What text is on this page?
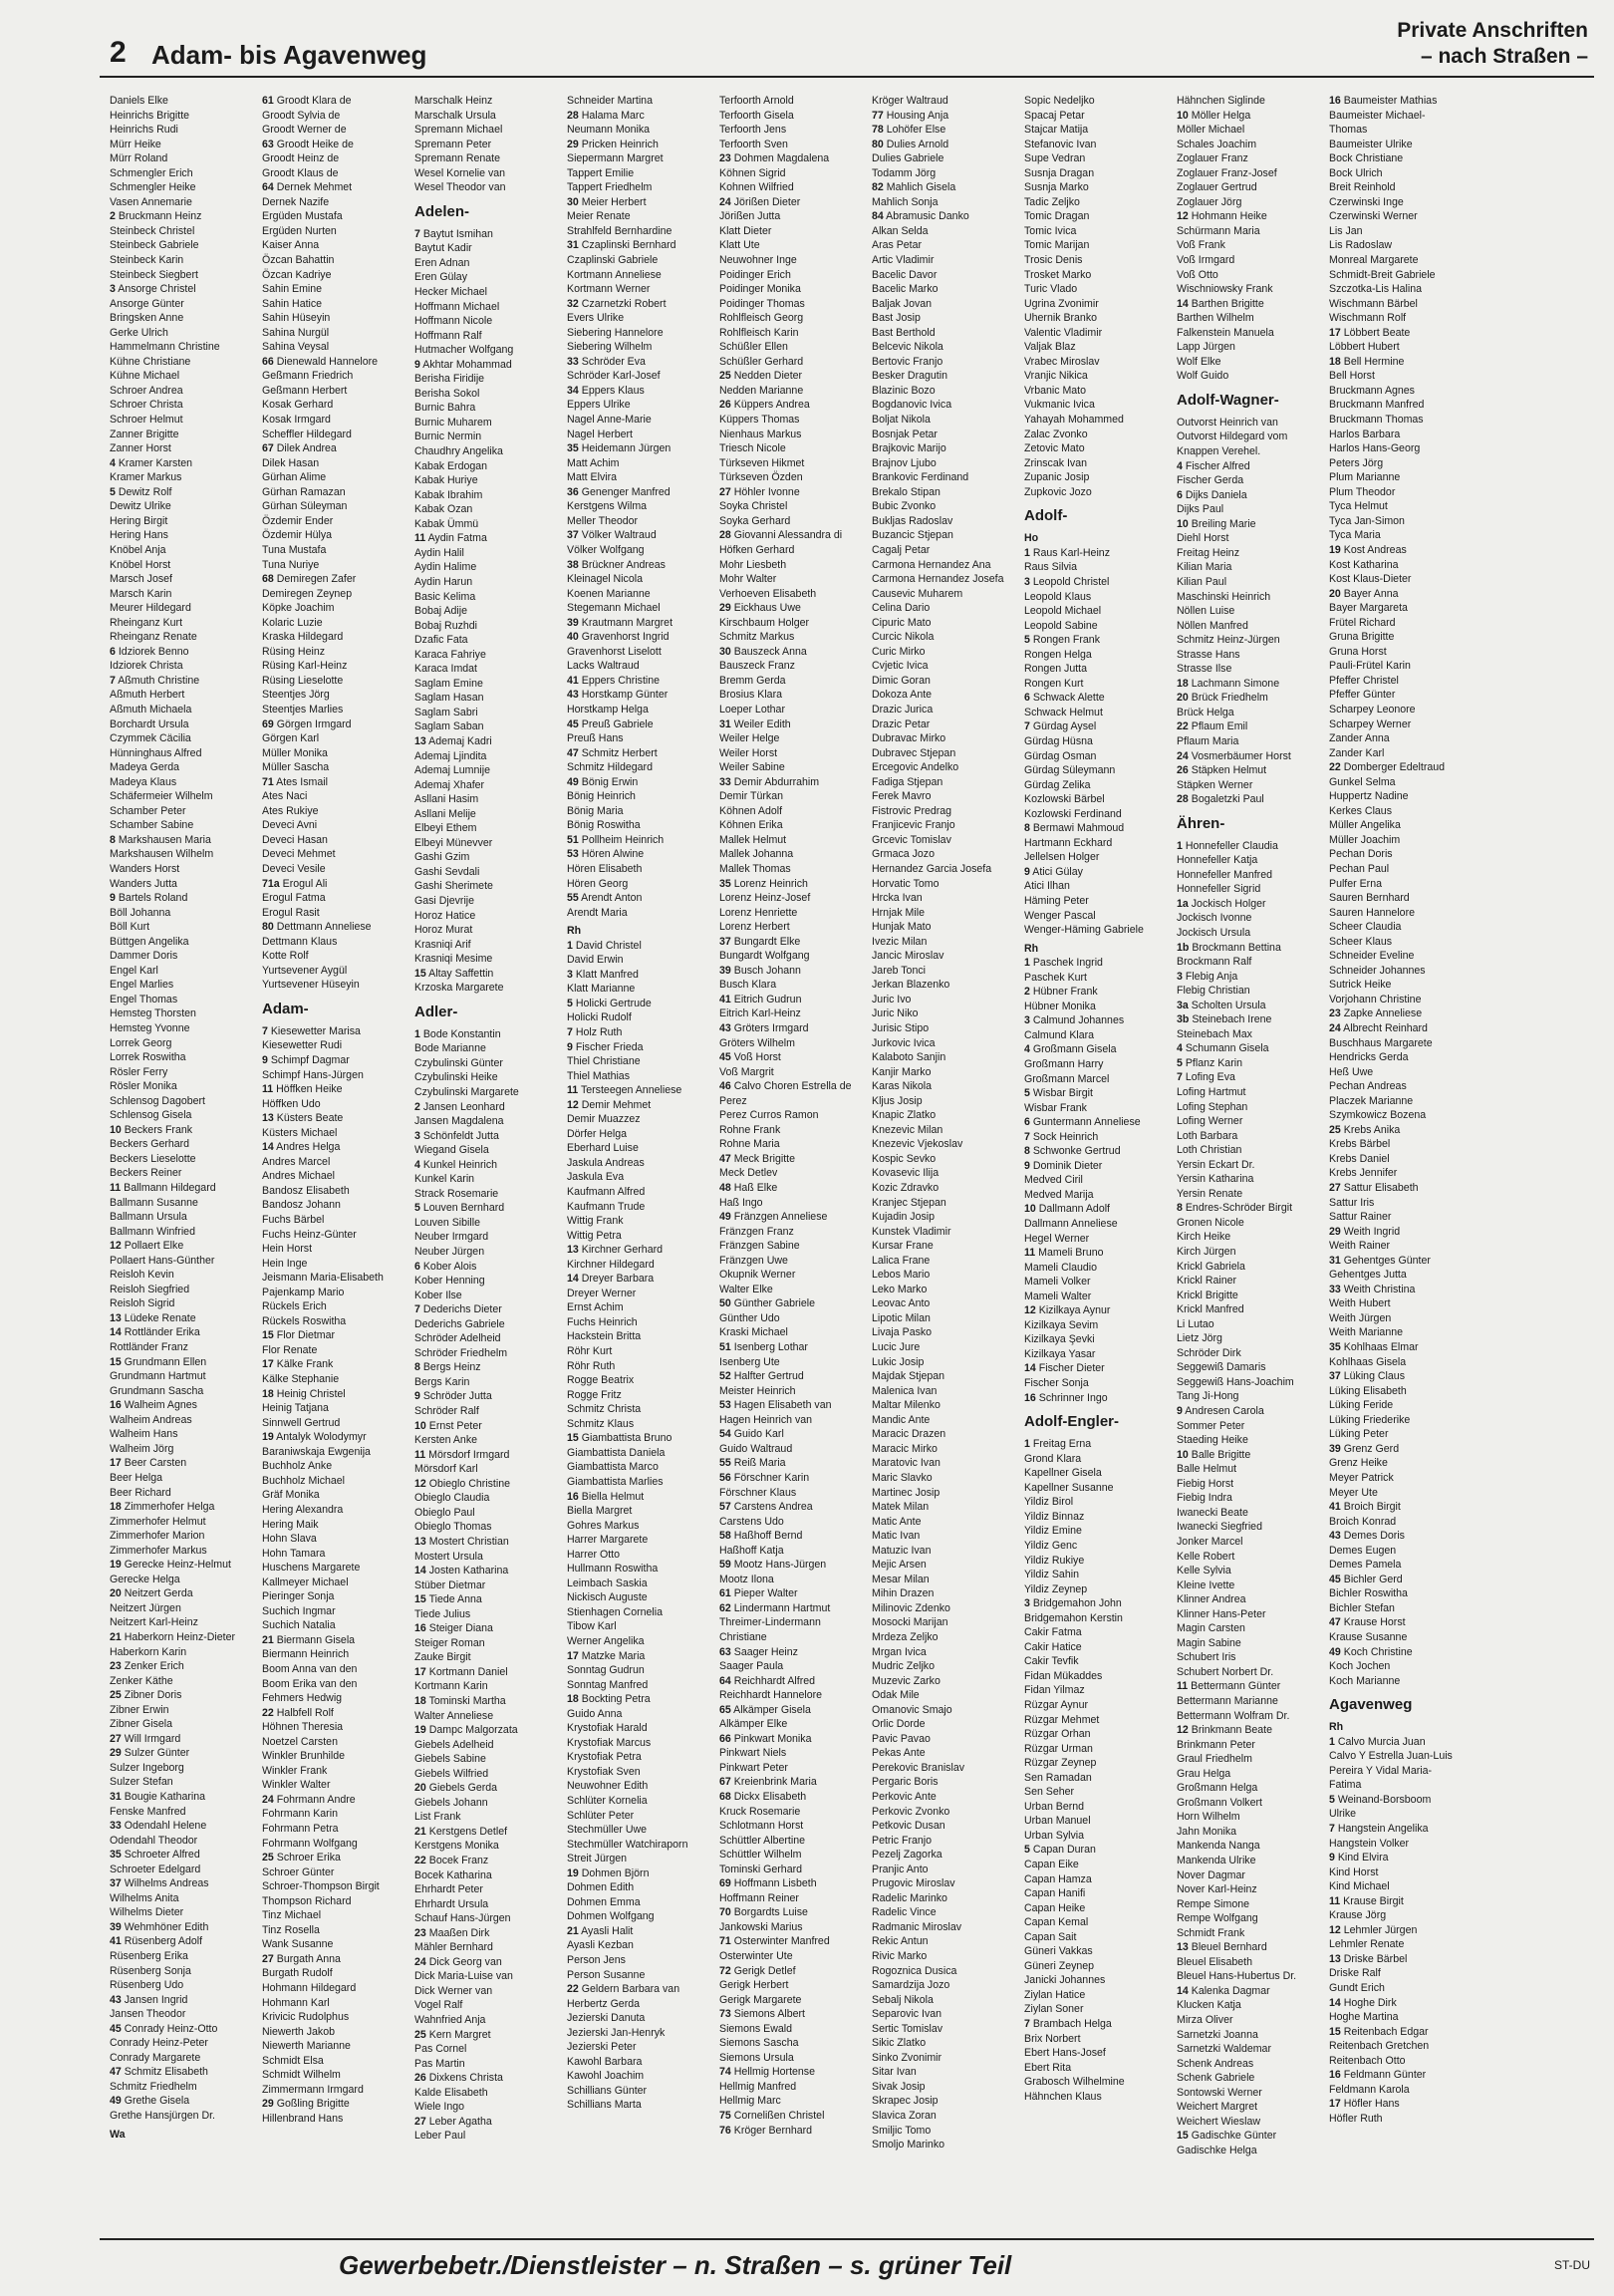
2 Adam- bis Agavenweg
Private Anschriften
– nach Straßen –
Daniels Elke
Heinrichs Brigitte
Heinrichs Rudi
Mürr Heike
Mürr Roland
Schmengler Erich
Schmengler Heike
Vasen Annemarie
2 Bruckmann Heinz
Steinbeck Christel
Steinbeck Gabriele
Steinbeck Karin
Steinbeck Siegbert
3 Ansorge Christel
Ansorge Günter
Bringsken Anne
Gerke Ulrich
Hammelmann Christine
Kühne Christiane
Kühne Michael
Schroer Andrea
Schroer Christa
Schroer Helmut
Zanner Brigitte
Zanner Horst
4 Kramer Karsten
Kramer Markus
5 Dewitz Rolf
Dewitz Ulrike
Hering Birgit
Hering Hans
Knöbel Anja
Knöbel Horst
Marsch Josef
Marsch Karin
Meurer Hildegard
Rheinganz Kurt
Rheinganz Renate
6 Idziorek Benno
Idziorek Christa
7 Aßmuth Christine
Aßmuth Herbert
Aßmuth Michaela
Borchardt Ursula
Czymmek Cäcilia
Hünninghaus Alfred
Madeya Gerda
Madeya Klaus
Schäfermeier Wilhelm
Schamber Peter
Schamber Sabine
8 Markshausen Maria
Markshausen Wilhelm
Wanders Horst
Wanders Jutta
9 Bartels Roland
Böll Johanna
Böll Kurt
Büttgen Angelika
Dammer Doris
Engel Karl
Engel Marlies
Engel Thomas
Hemsteg Thorsten
Hemsteg Yvonne
Lorrek Georg
Lorrek Roswitha
Rösler Ferry
Rösler Monika
Schlensog Dagobert
Schlensog Gisela
10 Beckers Frank
Beckers Gerhard
Beckers Lieselotte
Beckers Reiner
11 Ballmann Hildegard
Ballmann Susanne
Ballmann Ursula
Ballmann Winfried
12 Pollaert Elke
Pollaert Hans-Günther
Reisloh Kevin
Reisloh Siegfried
Reisloh Sigrid
13 Lüdeke Renate
14 Rottländer Erika
Rottländer Franz
15 Grundmann Ellen
Grundmann Hartmut
Grundmann Sascha
16 Walheim Agnes
Walheim Andreas
Walheim Hans
Walheim Jörg
17 Beer Carsten
Beer Helga
Beer Richard
18 Zimmerhofer Helga
Zimmerhofer Helmut
Zimmerhofer Marion
Zimmerhofer Markus
19 Gerecke Heinz-Helmut
Gerecke Helga
20 Neitzert Gerda
Neitzert Jürgen
Neitzert Karl-Heinz
21 Haberkorn Heinz-Dieter
Haberkorn Karin
23 Zenker Erich
Zenker Käthe
25 Zibner Doris
Zibner Erwin
Zibner Gisela
27 Will Irmgard
29 Sulzer Günter
Sulzer Ingeborg
Sulzer Stefan
31 Bougie Katharina
Fenske Manfred
33 Odendahl Helene
Odendahl Theodor
35 Schroeter Alfred
Schroeter Edelgard
37 Wilhelms Andreas
Wilhelms Anita
Wilhelms Dieter
39 Wehmhöner Edith
41 Rüsenberg Adolf
Rüsenberg Erika
Rüsenberg Sonja
Rüsenberg Udo
43 Jansen Ingrid
Jansen Theodor
45 Conrady Heinz-Otto
Conrady Heinz-Peter
Conrady Margarete
47 Schmitz Elisabeth
Schmitz Friedhelm
49 Grethe Gisela
Grethe Hansjürgen Dr.
Wa
61 Groodt Klara de
Groodt Sylvia de
Groodt Werner de
63 Groodt Heike de
Groodt Heinz de
Groodt Klaus de
64 Dernek Mehmet
Dernek Nazife
Ergüden Mustafa
Ergüden Nurten
Kaiser Anna
Özcan Bahattin
Özcan Kadriye
Sahin Emine
Sahin Hatice
Sahin Hüseyin
Sahina Nurgül
Sahina Veysal
66 Dienewald Hannelore
Geßmann Friedrich
Geßmann Herbert
Kosak Gerhard
Kosak Irmgard
Scheffler Hildegard
67 Dilek Andrea
Dilek Hasan
Gürhan Alime
Gürhan Ramazan
Gürhan Süleyman
Özdemir Ender
Özdemir Hülya
Tuna Mustafa
Tuna Nuriye
68 Demiregen Zafer
Demiregen Zeynep
Köpke Joachim
Kolaric Luzie
Kraska Hildegard
Rüsing Heinz
Rüsing Karl-Heinz
Rüsing Lieselotte
Steentjes Jörg
Steentjes Marlies
69 Görgen Irmgard
Görgen Karl
Müller Monika
Müller Sascha
71 Ates Ismail
Ates Naci
Ates Rukiye
Deveci Avni
Deveci Hasan
Deveci Mehmet
Deveci Vesile
71a Erogul Ali
Erogul Fatma
Erogul Rasit
80 Dettmann Anneliese
Dettmann Klaus
Kotte Rolf
Yurtsevener Aygül
Yurtsevener Hüseyin
Adam-
7 Kiesewetter Marisa
Kiesewetter Rudi
9 Schimpf Dagmar
Schimpf Hans-Jürgen
11 Höffken Heike
Höffken Udo
13 Küsters Beate
Küsters Michael
14 Andres Helga
Andres Marcel
Andres Michael
Bandosz Elisabeth
Bandosz Johann
Fuchs Bärbel
Fuchs Heinz-Günter
Hein Horst
Hein Inge
Jeismann Maria-Elisabeth
Pajenkamp Mario
Rückels Erich
Rückels Roswitha
15 Flor Dietmar
Flor Renate
17 Kälke Frank
Kälke Stephanie
18 Heinig Christel
Heinig Tatjana
Sinnwell Gertrud
19 Antalyk Wolodymyr
Baraniwskaja Ewgenija
Buchholz Anke
Buchholz Michael
Gräf Monika
Hering Alexandra
Hering Maik
Hohn Slava
Hohn Tamara
Huschens Margarete
Kallmeyer Michael
Pieringer Sonja
Suchich Ingmar
Suchich Natalia
21 Biermann Gisela
Biermann Heinrich
Boom Anna van den
Boom Erika van den
Fehmers Hedwig
22 Halbfell Rolf
Höhnen Theresia
Noetzel Carsten
Winkler Brunhilde
Winkler Frank
Winkler Walter
24 Fohrmann Andre
Fohrmann Karin
Fohrmann Petra
Fohrmann Wolfgang
25 Schroer Erika
Schroer Günter
Schroer-Thompson Birgit
Thompson Richard
Tinz Michael
Tinz Rosella
Wank Susanne
27 Burgath Anna
Burgath Rudolf
Hohmann Hildegard
Hohmann Karl
Krivicic Rudolphus
Niewerth Jakob
Niewerth Marianne
Schmidt Elsa
Schmidt Wilhelm
Zimmermann Irmgard
29 Goßling Brigitte
Hillenbrand Hans
Marschalk Heinz
Marschalk Ursula
Spremann Michael
Spremann Peter
Spremann Renate
Wesel Kornelie van
Wesel Theodor van
Adelen-
7 Baytut Ismihan
Baytut Kadir
Eren Adnan
Eren Gülay
Hecker Michael
Hoffmann Michael
Hoffmann Nicole
Hoffmann Ralf
Hutmacher Wolfgang
9 Akhtar Mohammad
Berisha Firidije
Berisha Sokol
Burnic Bahra
Burnic Muharem
Burnic Nermin
Chaudhry Angelika
Kabak Erdogan
Kabak Huriye
Kabak Ibrahim
Kabak Ozan
Kabak Ümmü
11 Aydin Fatma
Aydin Halil
Aydin Halime
Aydin Harun
Basic Kelima
Bobaj Adije
Bobaj Ruzhdi
Dzafic Fata
Karaca Fahriye
Karaca Imdat
Saglam Emine
Saglam Hasan
Saglam Sabri
Saglam Saban
13 Ademaj Kadri
Ademaj Ljindita
Ademaj Lumnije
Ademaj Xhafer
Asllani Hasim
Asllani Melije
Elbeyi Ethem
Elbeyi Münevver
Gashi Gzim
Gashi Sevdali
Gashi Sherimete
Gasi Djevrije
Horoz Hatice
Horoz Murat
Krasniqi Arif
Krasniqi Mesime
15 Altay Saffettin
Krzoska Margarete
Adler-
1 Bode Konstantin
Bode Marianne
Czybulinski Günter
Czybulinski Heike
Czybulinski Margarete
2 Jansen Leonhard
Jansen Magdalena
3 Schönfeldt Jutta
Wiegand Gisela
4 Kunkel Heinrich
Kunkel Karin
Strack Rosemarie
5 Louven Bernhard
Louven Sibille
Neuber Irmgard
Neuber Jürgen
6 Kober Alois
Kober Henning
Kober Ilse
7 Dederichs Dieter
Dederichs Gabriele
Schröder Adelheid
Schröder Friedhelm
8 Bergs Heinz
Bergs Karin
9 Schröder Jutta
Schröder Ralf
10 Ernst Peter
Kersten Anke
11 Mörsdorf Irmgard
Mörsdorf Karl
12 Obieglo Christine
Obieglo Claudia
Obieglo Paul
Obieglo Thomas
13 Mostert Christian
Mostert Ursula
14 Josten Katharina
Stüber Dietmar
15 Tiede Anna
Tiede Julius
16 Steiger Diana
Steiger Roman
Zauke Birgit
17 Kortmann Daniel
Kortmann Karin
18 Tominski Martha
Walter Anneliese
19 Dampc Malgorzata
Giebels Adelheid
Giebels Sabine
Giebels Wilfried
20 Giebels Gerda
Giebels Johann
List Frank
21 Kerstgens Detlef
Kerstgens Monika
22 Bocek Franz
Bocek Katharina
Ehrhardt Peter
Ehrhardt Ursula
Schauf Hans-Jürgen
23 Maaßen Dirk
Mähler Bernhard
24 Dick Georg van
Dick Maria-Luise van
Dick Werner van
Vogel Ralf
Wahnfried Anja
25 Kern Margret
Pas Cornel
Pas Martin
26 Dixkens Christa
Kalde Elisabeth
Wiele Ingo
27 Leber Agatha
Leber Paul
Schneider Martina
28 Halama Marc
Neumann Monika
29 Pricken Heinrich
Siepermann Margret
Tappert Emilie
Tappert Friedhelm
30 Meier Herbert
Meier Renate
Strahlfeld Bernhardine
31 Czaplinski Bernhard
Czaplinski Gabriele
Kortmann Anneliese
Kortmann Werner
32 Czarnetzki Robert
Evers Ulrike
Siebering Hannelore
Siebering Wilhelm
33 Schröder Eva
Schröder Karl-Josef
34 Eppers Klaus
Eppers Ulrike
Nagel Anne-Marie
Nagel Herbert
35 Heidemann Jürgen
Matt Achim
Matt Elvira
36 Genenger Manfred
Kerstgens Wilma
Meller Theodor
37 Völker Waltraud
Völker Wolfgang
38 Brückner Andreas
Kleinagel Nicola
Koenen Marianne
Stegemann Michael
39 Krautmann Margret
40 Gravenhorst Ingrid
Gravenhorst Liselott
Lacks Waltraud
41 Eppers Christine
43 Horstkamp Günter
Horstkamp Helga
45 Preuß Gabriele
Preuß Hans
47 Schmitz Herbert
Schmitz Hildegard
49 Bönig Erwin
Bönig Heinrich
Bönig Maria
Bönig Roswitha
51 Pollheim Heinrich
53 Hören Alwine
Hören Elisabeth
Hören Georg
55 Arendt Anton
Arendt Maria
Rh
1 David Christel
David Erwin
3 Klatt Manfred
Klatt Marianne
5 Holicki Gertrude
Holicki Rudolf
7 Holz Ruth
9 Fischer Frieda
Thiel Christiane
Thiel Mathias
11 Tersteegen Anneliese
12 Demir Mehmet
Demir Muazzez
Dörfer Helga
Eberhard Luise
Jaskula Andreas
Jaskula Eva
Kaufmann Alfred
Kaufmann Trude
Wittig Frank
Wittig Petra
13 Kirchner Gerhard
Kirchner Hildegard
14 Dreyer Barbara
Dreyer Werner
Ernst Achim
Fuchs Heinrich
Hackstein Britta
Röhr Kurt
Röhr Ruth
Rogge Beatrix
Rogge Fritz
Schmitz Christa
Schmitz Klaus
15 Giambattista Bruno
Giambattista Daniela
Giambattista Marco
Giambattista Marlies
16 Biella Helmut
Biella Margret
Gohres Markus
Harrer Margarete
Harrer Otto
Hullmann Roswitha
Leimbach Saskia
Nickisch Auguste
Stienhagen Cornelia
Tibow Karl
Werner Angelika
17 Matzke Maria
Sonntag Gudrun
Sonntag Manfred
18 Bockting Petra
Guido Anna
Krystofiak Harald
Krystofiak Marcus
Krystofiak Petra
Krystofiak Sven
Neuwohner Edith
Schlüter Kornelia
Schlüter Peter
Stechmüller Uwe
Stechmüller Watchiraporn
Streit Jürgen
19 Dohmen Björn
Dohmen Edith
Dohmen Emma
Dohmen Wolfgang
21 Ayasli Halit
Ayasli Kezban
Person Jens
Person Susanne
22 Geldern Barbara van
Herbertz Gerda
Jezierski Danuta
Jezierski Jan-Henryk
Jezierski Peter
Kawohl Barbara
Kawohl Joachim
Schillians Günter
Schillians Marta
Terfoorth Arnold
Terfoorth Gisela
Terfoorth Jens
Terfoorth Sven
23 Dohmen Magdalena
Köhnen Sigrid
Kohnen Wilfried
24 Jörißen Dieter
Jörißen Jutta
Klatt Dieter
Klatt Ute
Neuwohner Inge
Poidinger Erich
Poidinger Monika
Poidinger Thomas
Rohlfleisch Georg
Rohlfleisch Karin
Schüßler Ellen
Schüßler Gerhard
25 Nedden Dieter
Nedden Marianne
26 Küppers Andrea
Küppers Thomas
Nienhaus Markus
Triesch Nicole
Türkseven Hikmet
Türkseven Özden
27 Höhler Ivonne
Soyka Christel
Soyka Gerhard
28 Giovanni Alessandra di
Höfken Gerhard
Mohr Liesbeth
Mohr Walter
Verhoeven Elisabeth
29 Eickhaus Uwe
Kirschbaum Holger
Schmitz Markus
30 Bauszeck Anna
Bauszeck Franz
Bremm Gerda
Brosius Klara
Loeper Lothar
31 Weiler Edith
Weiler Helge
Weiler Horst
Weiler Sabine
33 Demir Abdurrahim
Demir Türkan
Köhnen Adolf
Köhnen Erika
Mallek Helmut
Mallek Johanna
Mallek Thomas
35 Lorenz Heinrich
Lorenz Heinz-Josef
Lorenz Henriette
Lorenz Herbert
37 Bungardt Elke
Bungardt Wolfgang
39 Busch Johann
Busch Klara
41 Eitrich Gudrun
Eitrich Karl-Heinz
43 Gröters Irmgard
Gröters Wilhelm
45 Voß Horst
Voß Margrit
46 Calvo Choren Estrella de
Perez
Perez Curros Ramon
Rohne Frank
Rohne Maria
47 Meck Brigitte
Meck Detlev
48 Haß Elke
Haß Ingo
49 Fränzgen Anneliese
Fränzgen Franz
Fränzgen Sabine
Fränzgen Uwe
Okupnik Werner
Walter Elke
50 Günther Gabriele
Günther Udo
Kraski Michael
51 Isenberg Lothar
Isenberg Ute
52 Halfter Gertrud
Meister Heinrich
53 Hagen Elisabeth van
Hagen Heinrich van
54 Guido Karl
Guido Waltraud
55 Reiß Maria
56 Förschner Karin
Förschner Klaus
57 Carstens Andrea
Carstens Udo
58 Haßhoff Bernd
Haßhoff Katja
59 Mootz Hans-Jürgen
Mootz Ilona
61 Pieper Walter
62 Lindermann Hartmut
Threimer-Lindermann
Christiane
63 Saager Heinz
Saager Paula
64 Reichhardt Alfred
Reichhardt Hannelore
65 Alkämper Gisela
Alkämper Elke
66 Pinkwart Monika
Pinkwart Niels
Pinkwart Peter
67 Kreienbrink Maria
68 Dickx Elisabeth
Kruck Rosemarie
Schlotmann Horst
Schüttler Albertine
Schüttler Wilhelm
Tominski Gerhard
69 Hoffmann Lisbeth
Hoffmann Reiner
70 Borgardts Luise
Jankowski Marius
71 Osterwinter Manfred
Osterwinter Ute
72 Gerigk Detlef
Gerigk Herbert
Gerigk Margarete
73 Siemons Albert
Siemons Ewald
Siemons Sascha
Siemons Ursula
74 Hellmig Hortense
Hellmig Manfred
Hellmig Marc
75 Cornelißen Christel
76 Kröger Bernhard
Kröger Waltraud
77 Housing Anja
78 Lohöfer Else
80 Dulies Arnold
Dulies Gabriele
Todamm Jörg
82 Mahlich Gisela
Mahlich Sonja
84 Abramusic Danko
Alkan Selda
Aras Petar
Artic Vladimir
Bacelic Davor
Bacelic Marko
Baljak Jovan
Bast Josip
Bast Berthold
Belcevic Nikola
Bertovic Franjo
Besker Dragutin
Blazinic Bozo
Bogdanovic Ivica
Boljat Nikola
Bosnjak Petar
Brajkovic Marijo
Brajnov Ljubo
Brankovic Ferdinand
Brekalo Stipan
Bubic Zvonko
Bukljas Radoslav
Buzancic Stjepan
Cagalj Petar
Carmona Hernandez Ana
Carmona Hernandez Josefa
Causevic Muharem
Celina Dario
Cipuric Mato
Curcic Nikola
Curic Mirko
Cvjetic Ivica
Dimic Goran
Dokoza Ante
Drazic Jurica
Drazic Petar
Dubravac Mirko
Dubravec Stjepan
Ercegovic Andelko
Fadiga Stjepan
Ferek Mavro
Fistrovic Predrag
Franjicevic Franjo
Grcevic Tomislav
Grmaca Jozo
Hernandez Garcia Josefa
Horvatic Tomo
Hrcka Ivan
Hrnjak Mile
Hunjak Mato
Ivezic Milan
Jancic Miroslav
Jareb Tonci
Jerkan Blazenko
Juric Ivo
Juric Niko
Jurisic Stipo
Jurkovic Ivica
Kalaboto Sanjin
Kanjir Marko
Karas Nikola
Kljus Josip
Knapic Zlatko
Knezevic Milan
Knezevic Vjekoslav
Kospic Sevko
Kovasevic Ilija
Kozic Zdravko
Kranjec Stjepan
Kujadin Josip
Kunstek Vladimir
Kursar Frane
Lalica Frane
Lebos Mario
Leko Marko
Leovac Anto
Lipotic Milan
Livaja Pasko
Lucic Jure
Lukic Josip
Majdak Stjepan
Malenica Ivan
Maltar Milenko
Mandic Ante
Maracic Drazen
Maracic Mirko
Maratovic Ivan
Maric Slavko
Martinec Josip
Matek Milan
Matic Ante
Matic Ivan
Matuzic Ivan
Mejic Arsen
Mesar Milan
Mihin Drazen
Milinovic Zdenko
Mosocki Marijan
Mrdeza Zeljko
Mrgan Ivica
Mudric Zeljko
Muzevic Zarko
Odak Mile
Omanovic Smajo
Orlic Dorde
Pavic Pavao
Pekas Ante
Perekovic Branislav
Pergaric Boris
Perkovic Ante
Perkovic Zvonko
Petkovic Dusan
Petric Franjo
Pezelj Zagorka
Pranjic Anto
Prugovic Miroslav
Radelic Marinko
Radelic Vince
Radmanic Miroslav
Rekic Antun
Rivic Marko
Rogoznica Dusica
Samardzija Jozo
Sebalj Nikola
Separovic Ivan
Sertic Tomislav
Sikic Zlatko
Sinko Zvonimir
Sitar Ivan
Sivak Josip
Skrapec Josip
Slavica Zoran
Smiljic Tomo
Smoljo Marinko
Sopic Nedeljko
Spacaj Petar
Stajcar Matija
Stefanovic Ivan
Supe Vedran
Susnja Dragan
Susnja Marko
Tadic Zeljko
Tomic Dragan
Tomic Ivica
Tomic Marijan
Trosic Denis
Trosket Marko
Turic Vlado
Ugrina Zvonimir
Uhernik Branko
Valentic Vladimir
Valjak Blaz
Vrabec Miroslav
Vranjic Nikica
Vrbanic Mato
Vukmanic Ivica
Yahayah Mohammed
Zalac Zvonko
Zetovic Mato
Zrinscak Ivan
Zupanic Josip
Zupkovic Jozo
Adolf-
Ho
1 Raus Karl-Heinz
Raus Silvia
3 Leopold Christel
Leopold Klaus
Leopold Michael
Leopold Sabine
5 Rongen Frank
Rongen Helga
Rongen Jutta
Rongen Kurt
6 Schwack Alette
Schwack Helmut
7 Gürdag Aysel
Gürdag Hüsna
Gürdag Osman
Gürdag Süleymann
Gürdag Zelika
Kozlowski Bärbel
Kozlowski Ferdinand
8 Bermawi Mahmoud
Hartmann Eckhard
Jellelsen Holger
9 Atici Gülay
Atici Ilhan
Häming Peter
Wenger Pascal
Wenger-Häming Gabriele
Rh
1 Paschek Ingrid
Paschek Kurt
2 Hübner Frank
Hübner Monika
3 Calmund Johannes
Calmund Klara
4 Großmann Gisela
Großmann Harry
Großmann Marcel
5 Wisbar Birgit
Wisbar Frank
6 Guntermann Anneliese
7 Sock Heinrich
8 Schwonke Gertrud
9 Dominik Dieter
Medved Ciril
Medved Marija
10 Dallmann Adolf
Dallmann Anneliese
Hegel Werner
11 Mameli Bruno
Mameli Claudio
Mameli Volker
Mameli Walter
12 Kizilkaya Aynur
Kizilkaya Sevim
Kizilkaya Şevki
Kizilkaya Yasar
14 Fischer Dieter
Fischer Sonja
16 Schrinner Ingo
Adolf-Engler-
1 Freitag Erna
Grond Klara
Kapellner Gisela
Kapellner Susanne
Yildiz Birol
Yildiz Binnaz
Yildiz Emine
Yildiz Genc
Yildiz Rukiye
Yildiz Sahin
Yildiz Zeynep
3 Bridgemahon John
Bridgemahon Kerstin
Cakir Fatma
Cakir Hatice
Cakir Tevfik
Fidan Mükaddes
Fidan Yilmaz
Rüzgar Aynur
Rüzgar Mehmet
Rüzgar Orhan
Rüzgar Urman
Rüzgar Zeynep
Sen Ramadan
Sen Seher
Urban Bernd
Urban Manuel
Urban Sylvia
5 Capan Duran
Capan Eike
Capan Hamza
Capan Hanifi
Capan Heike
Capan Kemal
Capan Sait
Güneri Vakkas
Güneri Zeynep
Janicki Johannes
Ziylan Hatice
Ziylan Soner
7 Brambach Helga
Brix Norbert
Ebert Hans-Josef
Ebert Rita
Grabosch Wilhelmine
Hähnchen Klaus
Hähnchen Siglinde
10 Möller Helga
Möller Michael
Schales Joachim
Zoglauer Franz
Zoglauer Franz-Josef
Zoglauer Gertrud
Zoglauer Jörg
12 Hohmann Heike
Schürmann Maria
Voß Frank
Voß Irmgard
Voß Otto
Wischniowsky Frank
14 Barthen Brigitte
Barthen Wilhelm
Falkenstein Manuela
Lapp Jürgen
Wolf Elke
Wolf Guido
Adolf-Wagner-
Outvorst Heinrich van
Outvorst Hildegard vom
Knappen Verehel.
4 Fischer Alfred
Fischer Gerda
6 Dijks Daniela
Dijks Paul
10 Breiling Marie
Diehl Horst
Freitag Heinz
Kilian Maria
Kilian Paul
Maschinski Heinrich
Nöllen Luise
Nöllen Manfred
Schmitz Heinz-Jürgen
Strasse Hans
Strasse Ilse
18 Lachmann Simone
20 Brück Friedhelm
Brück Helga
22 Pflaum Emil
Pflaum Maria
24 Vosmerbäumer Horst
26 Stäpken Helmut
Stäpken Werner
28 Bogaletzki Paul
Ähren-
1 Honnefeller Claudia
Honnefeller Katja
Honnefeller Manfred
Honnefeller Sigrid
1a Jockisch Holger
Jockisch Ivonne
Jockisch Ursula
1b Brockmann Bettina
Brockmann Ralf
3 Flebig Anja
Flebig Christian
3a Scholten Ursula
3b Steinebach Irene
Steinebach Max
4 Schumann Gisela
5 Pflanz Karin
7 Lofing Eva
Lofing Hartmut
Lofing Stephan
Lofing Werner
Loth Barbara
Loth Christian
Yersin Eckart Dr.
Yersin Katharina
Yersin Renate
8 Endres-Schröder Birgit
Gronen Nicole
Kirch Heike
Kirch Jürgen
Krickl Gabriela
Krickl Rainer
Krickl Brigitte
Krickl Manfred
Li Lutao
Lietz Jörg
Schröder Dirk
Seggewiß Damaris
Seggewiß Hans-Joachim
Tang Ji-Hong
9 Andresen Carola
Sommer Peter
Staeding Heike
10 Balle Brigitte
Balle Helmut
Fiebig Horst
Fiebig Indra
Iwanecki Beate
Iwanecki Siegfried
Jonker Marcel
Kelle Robert
Kelle Sylvia
Kleine Ivette
Klinner Andrea
Klinner Hans-Peter
Magin Carsten
Magin Sabine
Schubert Iris
Schubert Norbert Dr.
11 Bettermann Günter
Bettermann Marianne
Bettermann Wolfram Dr.
12 Brinkmann Beate
Brinkmann Peter
Graul Friedhelm
Grau Helga
Großmann Helga
Großmann Volkert
Horn Wilhelm
Jahn Monika
Mankenda Nanga
Mankenda Ulrike
Nover Dagmar
Nover Karl-Heinz
Rempe Simone
Rempe Wolfgang
Schmidt Frank
13 Bleuel Bernhard
Bleuel Elisabeth
Bleuel Hans-Hubertus Dr.
14 Kalenka Dagmar
Klucken Katja
Mirza Oliver
Sarnetzki Joanna
Sarnetzki Waldemar
Schenk Andreas
Schenk Gabriele
Sontowski Werner
Weichert Margret
Weichert Wieslaw
15 Gadischke Günter
Gadischke Helga
16 Baumeister Mathias
Baumeister Michael-
Thomas
Baumeister Ulrike
Bock Christiane
Bock Ulrich
Breit Reinhold
Czerwinski Inge
Czerwinski Werner
Lis Jan
Lis Radoslaw
Monreal Margarete
Schmidt-Breit Gabriele
Szczotka-Lis Halina
Wischmann Bärbel
Wischmann Rolf
17 Löbbert Beate
Löbbert Hubert
18 Bell Hermine
Bell Horst
Bruckmann Agnes
Bruckmann Manfred
Bruckmann Thomas
Harlos Barbara
Harlos Hans-Georg
Peters Jörg
Plum Marianne
Plum Theodor
Tyca Helmut
Tyca Jan-Simon
Tyca Maria
19 Kost Andreas
Kost Katharina
Kost Klaus-Dieter
20 Bayer Anna
Bayer Margareta
Frütel Richard
Gruna Brigitte
Gruna Horst
Pauli-Frütel Karin
Pfeffer Christel
Pfeffer Günter
Scharpey Leonore
Scharpey Werner
Zander Anna
Zander Karl
22 Domberger Edeltraud
Gunkel Selma
Huppertz Nadine
Kerkes Claus
Müller Angelika
Müller Joachim
Pechan Doris
Pechan Paul
Pulfer Erna
Sauren Bernhard
Sauren Hannelore
Scheer Claudia
Scheer Klaus
Schneider Eveline
Schneider Johannes
Sutrick Heike
Vorjohann Christine
23 Zapke Anneliese
24 Albrecht Reinhard
Buschhaus Margarete
Hendricks Gerda
Heß Uwe
Pechan Andreas
Placzek Marianne
Szymkowicz Bozena
25 Krebs Anika
Krebs Bärbel
Krebs Daniel
Krebs Jennifer
27 Sattur Elisabeth
Sattur Iris
Sattur Rainer
29 Weith Ingrid
Weith Rainer
31 Gehentges Günter
Gehentges Jutta
33 Weith Christina
Weith Hubert
Weith Jürgen
Weith Marianne
35 Kohlhaas Elmar
Kohlhaas Gisela
37 Lüking Claus
Lüking Elisabeth
Lüking Feride
Lüking Friederike
Lüking Peter
39 Grenz Gerd
Grenz Heike
Meyer Patrick
Meyer Ute
41 Broich Birgit
Broich Konrad
43 Demes Doris
Demes Eugen
Demes Pamela
45 Bichler Gerd
Bichler Roswitha
Bichler Stefan
47 Krause Horst
Krause Susanne
49 Koch Christine
Koch Jochen
Koch Marianne
Agavenweg
Rh
1 Calvo Murcia Juan
Calvo Y Estrella Juan-Luis
Pereira Y Vidal Maria-
Fatima
5 Weinand-Borsboom
Ulrike
7 Hangstein Angelika
Hangstein Volker
9 Kind Elvira
Kind Horst
Kind Michael
11 Krause Birgit
Krause Jörg
12 Lehmler Jürgen
Lehmler Renate
13 Driske Bärbel
Driske Ralf
Gundt Erich
14 Hoghe Dirk
Hoghe Martina
15 Reitenbach Edgar
Reitenbach Gretchen
Reitenbach Otto
16 Feldmann Günter
Feldmann Karola
17 Höfler Hans
Höfler Ruth
Gewerbebetr./Dienstleister – n. Straßen – s. grüner Teil	ST-DU
